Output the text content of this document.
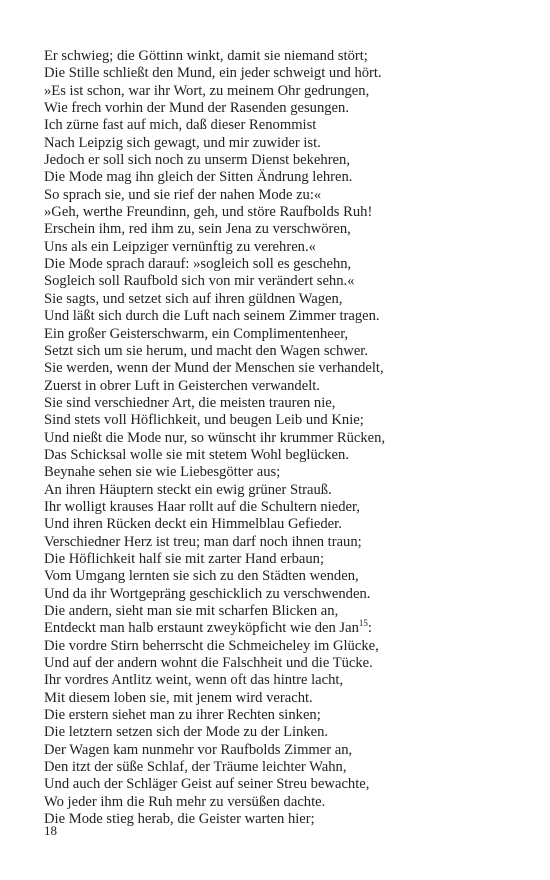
Er schwieg; die Göttinn winkt, damit sie niemand stört;
Die Stille schließt den Mund, ein jeder schweigt und hört.
»Es ist schon, war ihr Wort, zu meinem Ohr gedrungen,
Wie frech vorhin der Mund der Rasenden gesungen.
Ich zürne fast auf mich, daß dieser Renommist
Nach Leipzig sich gewagt, und mir zuwider ist.
Jedoch er soll sich noch zu unserm Dienst bekehren,
Die Mode mag ihn gleich der Sitten Ändrung lehren.
So sprach sie, und sie rief der nahen Mode zu:«
»Geh, werthe Freundinn, geh, und störe Raufbolds Ruh!
Erschein ihm, red ihm zu, sein Jena zu verschwören,
Uns als ein Leipziger vernünftig zu verehren.«
Die Mode sprach darauf: »sogleich soll es geschehn,
Sogleich soll Raufbold sich von mir verändert sehn.«
Sie sagts, und setzet sich auf ihren güldnen Wagen,
Und läßt sich durch die Luft nach seinem Zimmer tragen.
Ein großer Geisterschwarm, ein Complimentenheer,
Setzt sich um sie herum, und macht den Wagen schwer.
Sie werden, wenn der Mund der Menschen sie verhandelt,
Zuerst in obrer Luft in Geisterchen verwandelt.
Sie sind verschiedner Art, die meisten trauren nie,
Sind stets voll Höflichkeit, und beugen Leib und Knie;
Und nießt die Mode nur, so wünscht ihr krummer Rücken,
Das Schicksal wolle sie mit stetem Wohl beglücken.
Beynahe sehen sie wie Liebesgötter aus;
An ihren Häuptern steckt ein ewig grüner Strauß.
Ihr wolligt krauses Haar rollt auf die Schultern nieder,
Und ihren Rücken deckt ein Himmelblau Gefieder.
Verschiedner Herz ist treu; man darf noch ihnen traun;
Die Höflichkeit half sie mit zarter Hand erbaun;
Vom Umgang lernten sie sich zu den Städten wenden,
Und da ihr Wortgepräng geschicklich zu verschwenden.
Die andern, sieht man sie mit scharfen Blicken an,
Entdeckt man halb erstaunt zweyköpficht wie den Jan$^{15}$:
Die vordre Stirn beherrscht die Schmeicheley im Glücke,
Und auf der andern wohnt die Falschheit und die Tücke.
Ihr vordres Antlitz weint, wenn oft das hintre lacht,
Mit diesem loben sie, mit jenem wird veracht.
Die erstern siehet man zu ihrer Rechten sinken;
Die letztern setzen sich der Mode zu der Linken.
Der Wagen kam nunmehr vor Raufbolds Zimmer an,
Den itzt der süße Schlaf, der Träume leichter Wahn,
Und auch der Schläger Geist auf seiner Streu bewachte,
Wo jeder ihm die Ruh mehr zu versüßen dachte.
Die Mode stieg herab, die Geister warten hier;
18
